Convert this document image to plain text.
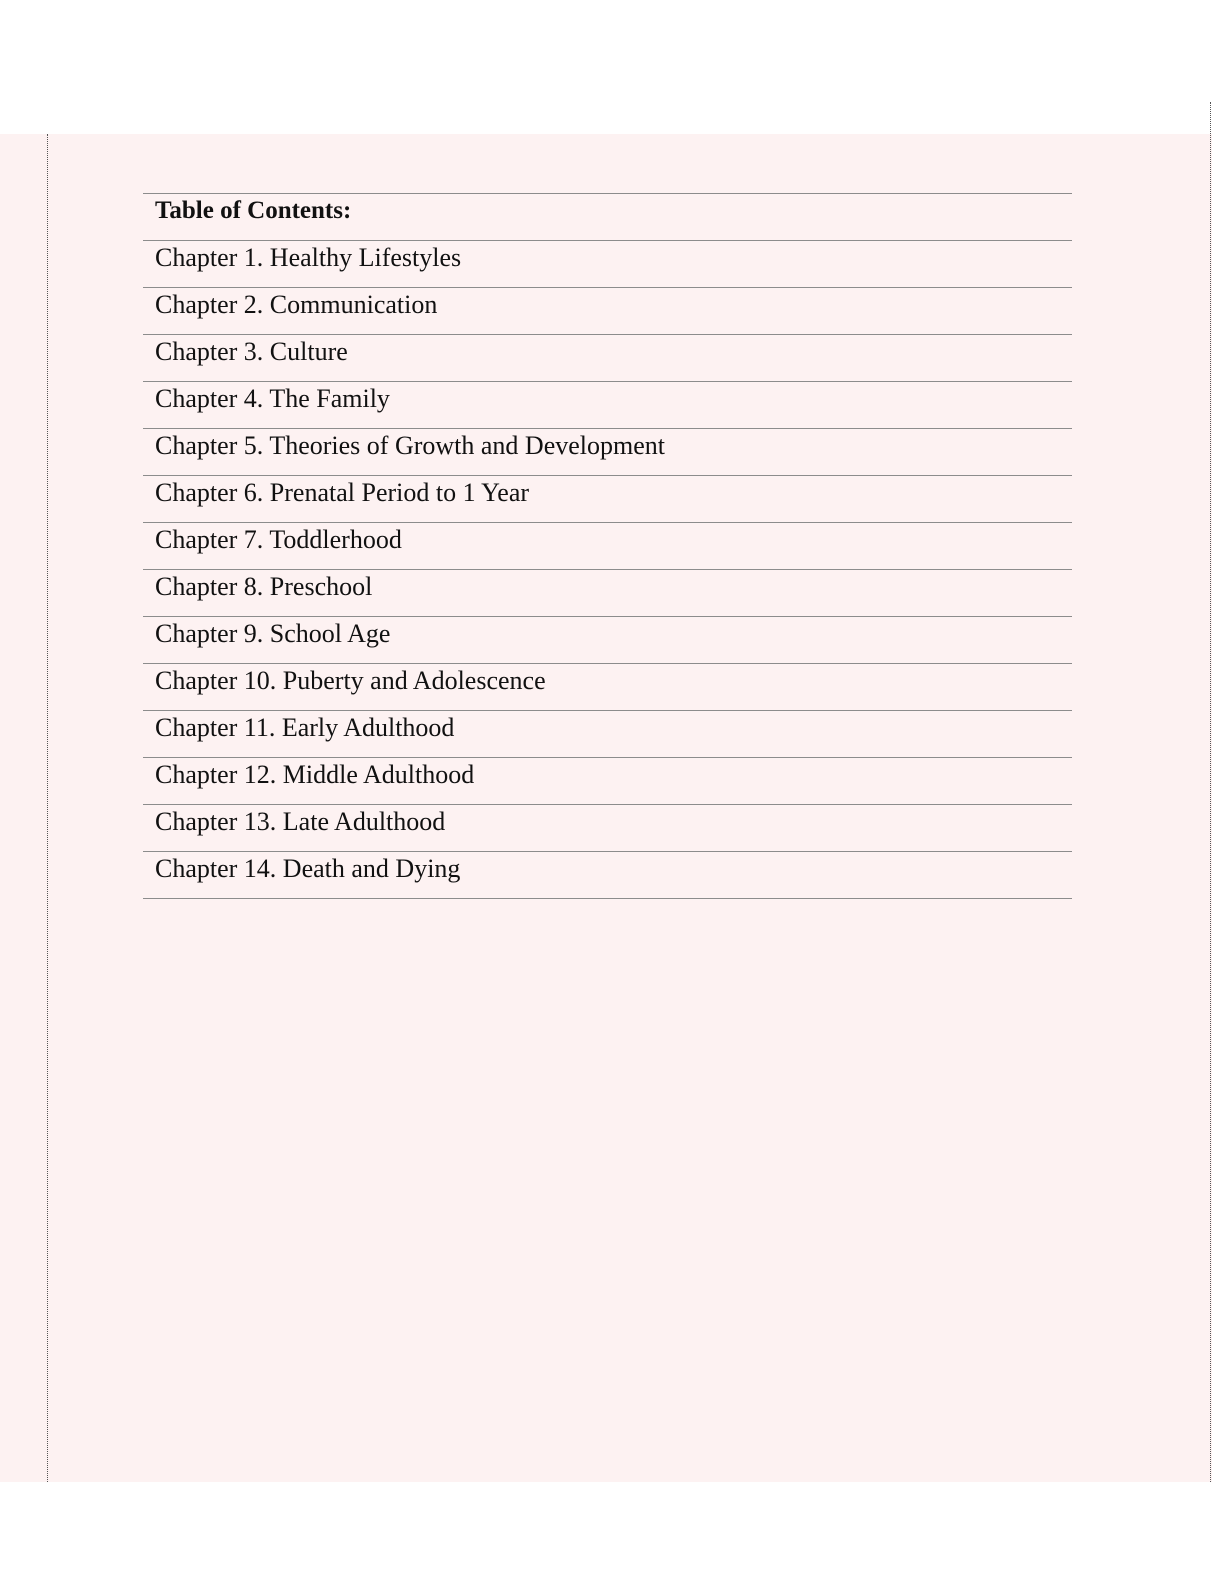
Table of Contents:
Chapter 1. Healthy Lifestyles
Chapter 2. Communication
Chapter 3. Culture
Chapter 4. The Family
Chapter 5. Theories of Growth and Development
Chapter 6. Prenatal Period to 1 Year
Chapter 7. Toddlerhood
Chapter 8. Preschool
Chapter 9. School Age
Chapter 10. Puberty and Adolescence
Chapter 11. Early Adulthood
Chapter 12. Middle Adulthood
Chapter 13. Late Adulthood
Chapter 14. Death and Dying
